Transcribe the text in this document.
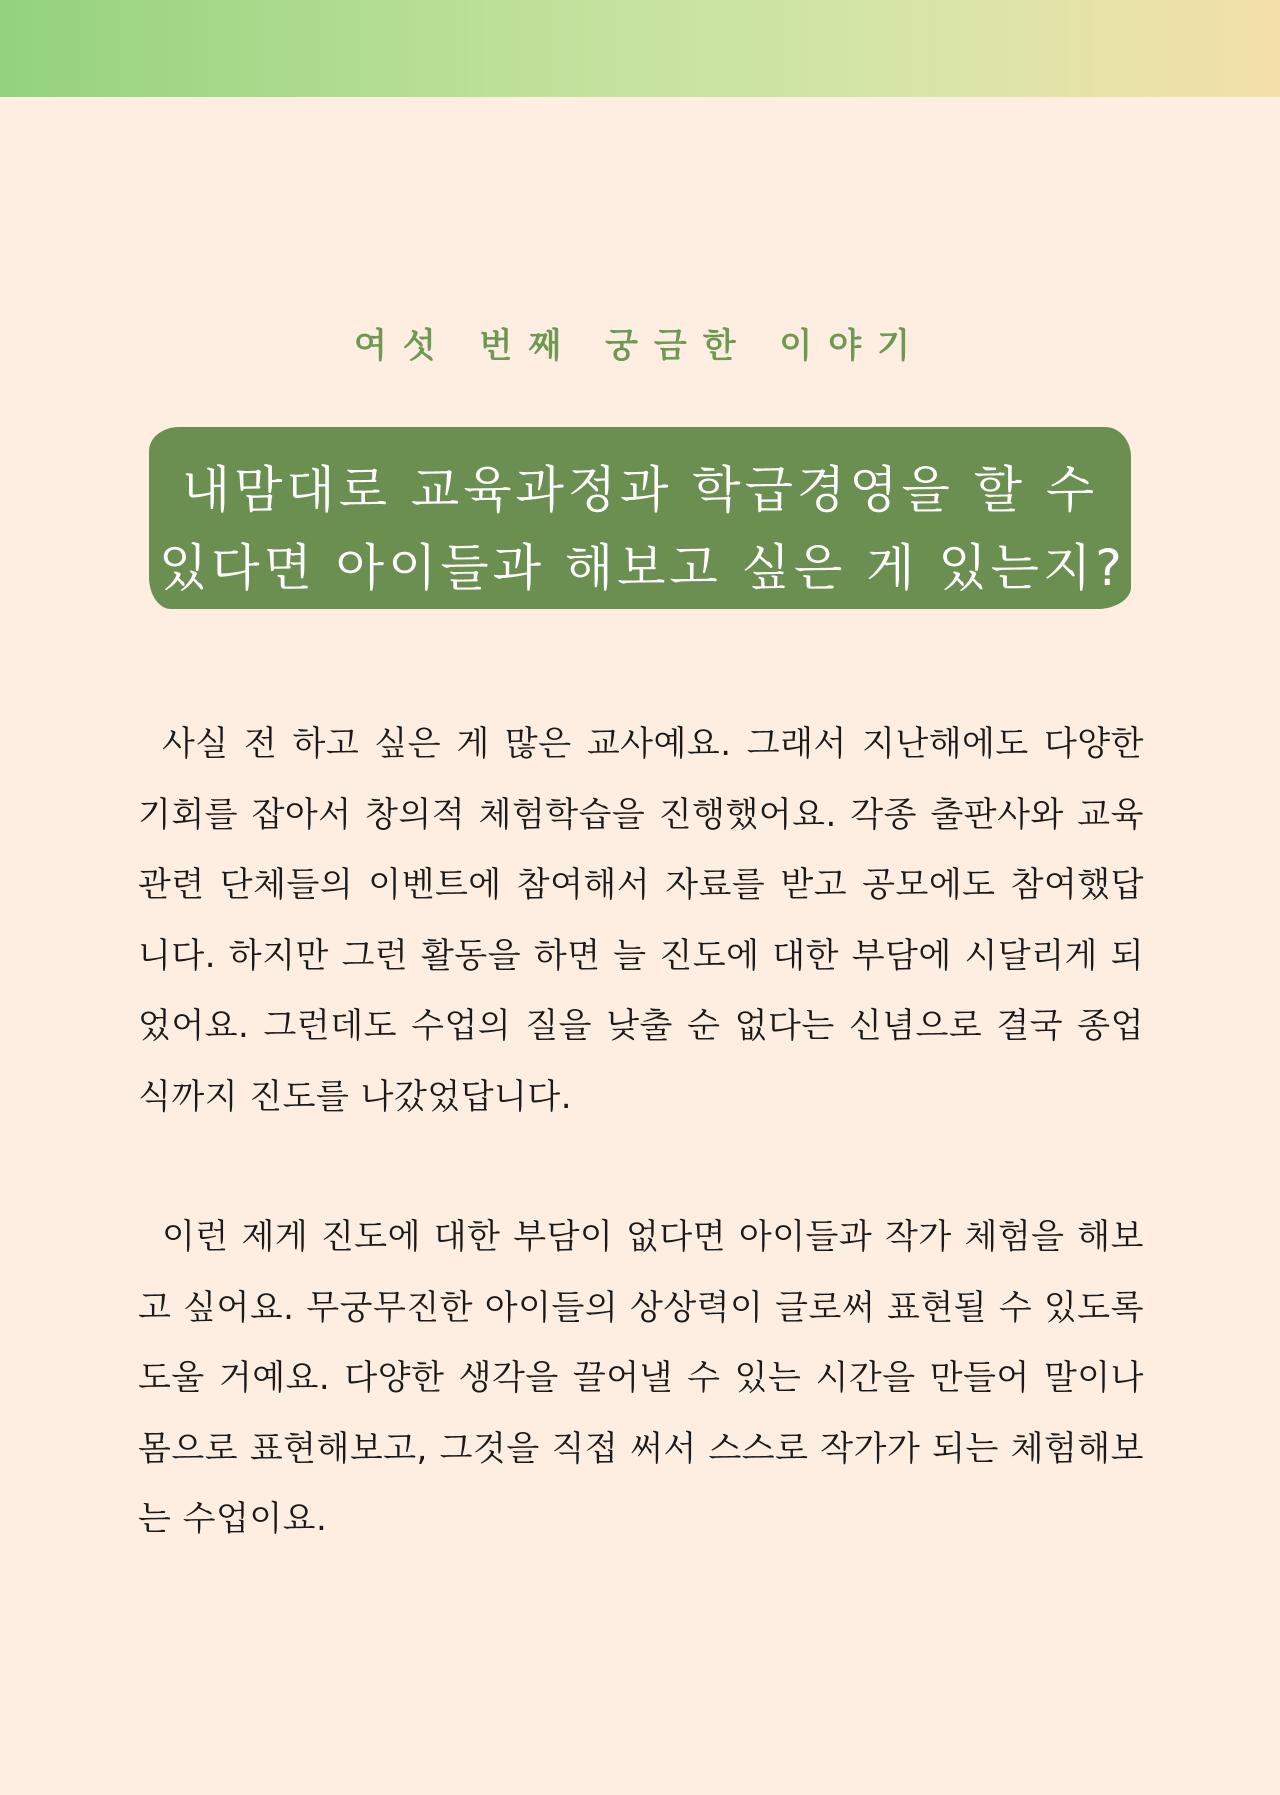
여섯 번째 궁금한 이야기
내맘대로 교육과정과 학급경영을 할 수
있다면 아이들과 해보고 싶은 게 있는지?

사실 전 하고 싶은 게 많은 교사예요. 그래서 지난해에도 다양한 기회를 잡아서 창의적 체험학습을 진행했어요. 각종 출판사와 교육 관련 단체들의 이벤트에 참여해서 자료를 받고 공모에도 참여했답니다. 하지만 그런 활동을 하면 늘 진도에 대한 부담에 시달리게 되었어요. 그런데도 수업의 질을 낮출 순 없다는 신념으로 결국 종업식까지 진도를 나갔었답니다.

이런 제게 진도에 대한 부담이 없다면 아이들과 작가 체험을 해보고 싶어요. 무궁무진한 아이들의 상상력이 글로써 표현될 수 있도록 도울 거예요. 다양한 생각을 끌어낼 수 있는 시간을 만들어 말이나 몸으로 표현해보고, 그것을 직접 써서 스스로 작가가 되는 체험해보는 수업이요.
